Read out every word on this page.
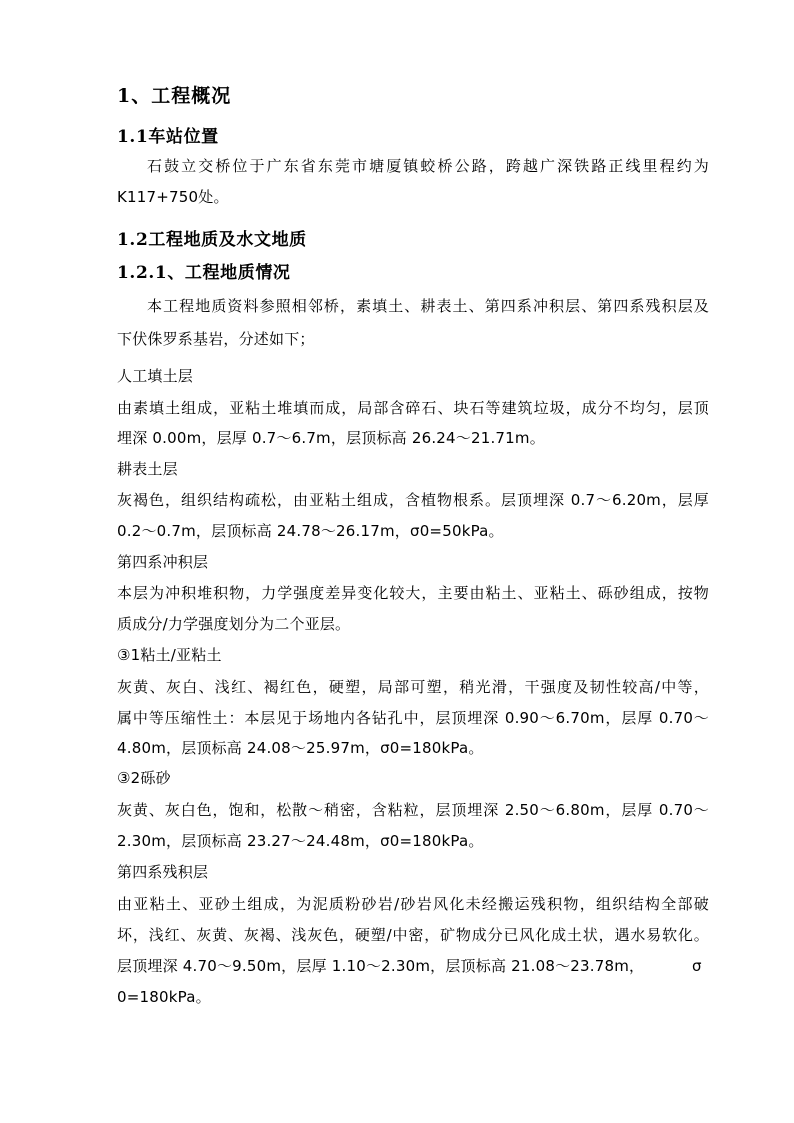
1、工程概况
1.1车站位置
石鼓立交桥位于广东省东莞市塘厦镇蛟桥公路，跨越广深铁路正线里程约为
K117+750处。
1.2工程地质及水文地质
1.2.1、工程地质情况
本工程地质资料参照相邻桥，素填土、耕表土、第四系冲积层、第四系残积层及
下伏侏罗系基岩，分述如下；
人工填土层
由素填土组成，亚粘土堆填而成，局部含碎石、块石等建筑垃圾，成分不均匀，层顶
埋深 0.00m，层厚 0.7～6.7m，层顶标高 26.24～21.71m。
耕表土层
灰褐色，组织结构疏松，由亚粘土组成，含植物根系。层顶埋深 0.7～6.20m，层厚
0.2～0.7m，层顶标高 24.78～26.17m，σ0=50kPa。
第四系冲积层
本层为冲积堆积物，力学强度差异变化较大，主要由粘土、亚粘土、砾砂组成，按物
质成分/力学强度划分为二个亚层。
③1粘土/亚粘土
灰黄、灰白、浅红、褐红色，硬塑，局部可塑，稍光滑，干强度及韧性较高/中等，
属中等压缩性土：本层见于场地内各钻孔中，层顶埋深 0.90～6.70m，层厚 0.70～
4.80m，层顶标高 24.08～25.97m，σ0=180kPa。
③2砾砂
灰黄、灰白色，饱和，松散～稍密，含粘粒，层顶埋深 2.50～6.80m，层厚 0.70～
2.30m，层顶标高 23.27～24.48m，σ0=180kPa。
第四系残积层
由亚粘土、亚砂土组成，为泥质粉砂岩/砂岩风化未经搬运残积物，组织结构全部破
坏，浅红、灰黄、灰褐、浅灰色，硬塑/中密，矿物成分已风化成土状，遇水易软化。
层顶埋深 4.70～9.50m，层厚 1.10～2.30m，层顶标高 21.08～23.78m，	σ
0=180kPa。
